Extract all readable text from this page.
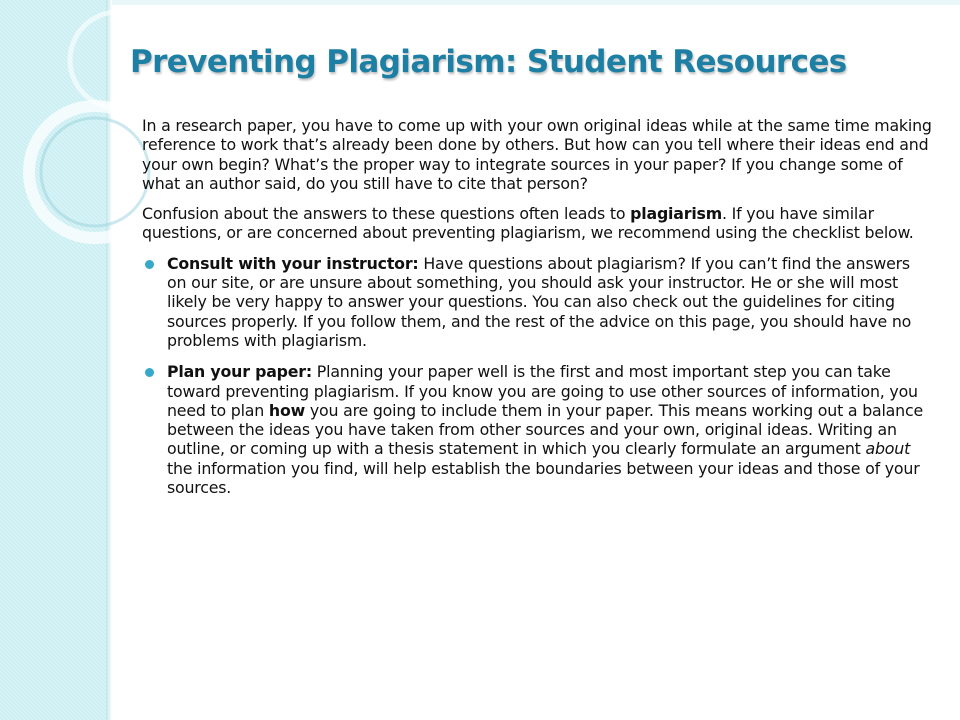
Preventing Plagiarism: Student Resources

In a research paper, you have to come up with your own original ideas while at the same time making reference to work that’s already been done by others. But how can you tell where their ideas end and your own begin? What’s the proper way to integrate sources in your paper? If you change some of what an author said, do you still have to cite that person?

Confusion about the answers to these questions often leads to plagiarism. If you have similar questions, or are concerned about preventing plagiarism, we recommend using the checklist below.

Consult with your instructor: Have questions about plagiarism? If you can’t find the answers on our site, or are unsure about something, you should ask your instructor. He or she will most likely be very happy to answer your questions. You can also check out the guidelines for citing sources properly. If you follow them, and the rest of the advice on this page, you should have no problems with plagiarism.
Plan your paper: Planning your paper well is the first and most important step you can take toward preventing plagiarism. If you know you are going to use other sources of information, you need to plan how you are going to include them in your paper. This means working out a balance between the ideas you have taken from other sources and your own, original ideas. Writing an outline, or coming up with a thesis statement in which you clearly formulate an argument about the information you find, will help establish the boundaries between your ideas and those of your sources.
